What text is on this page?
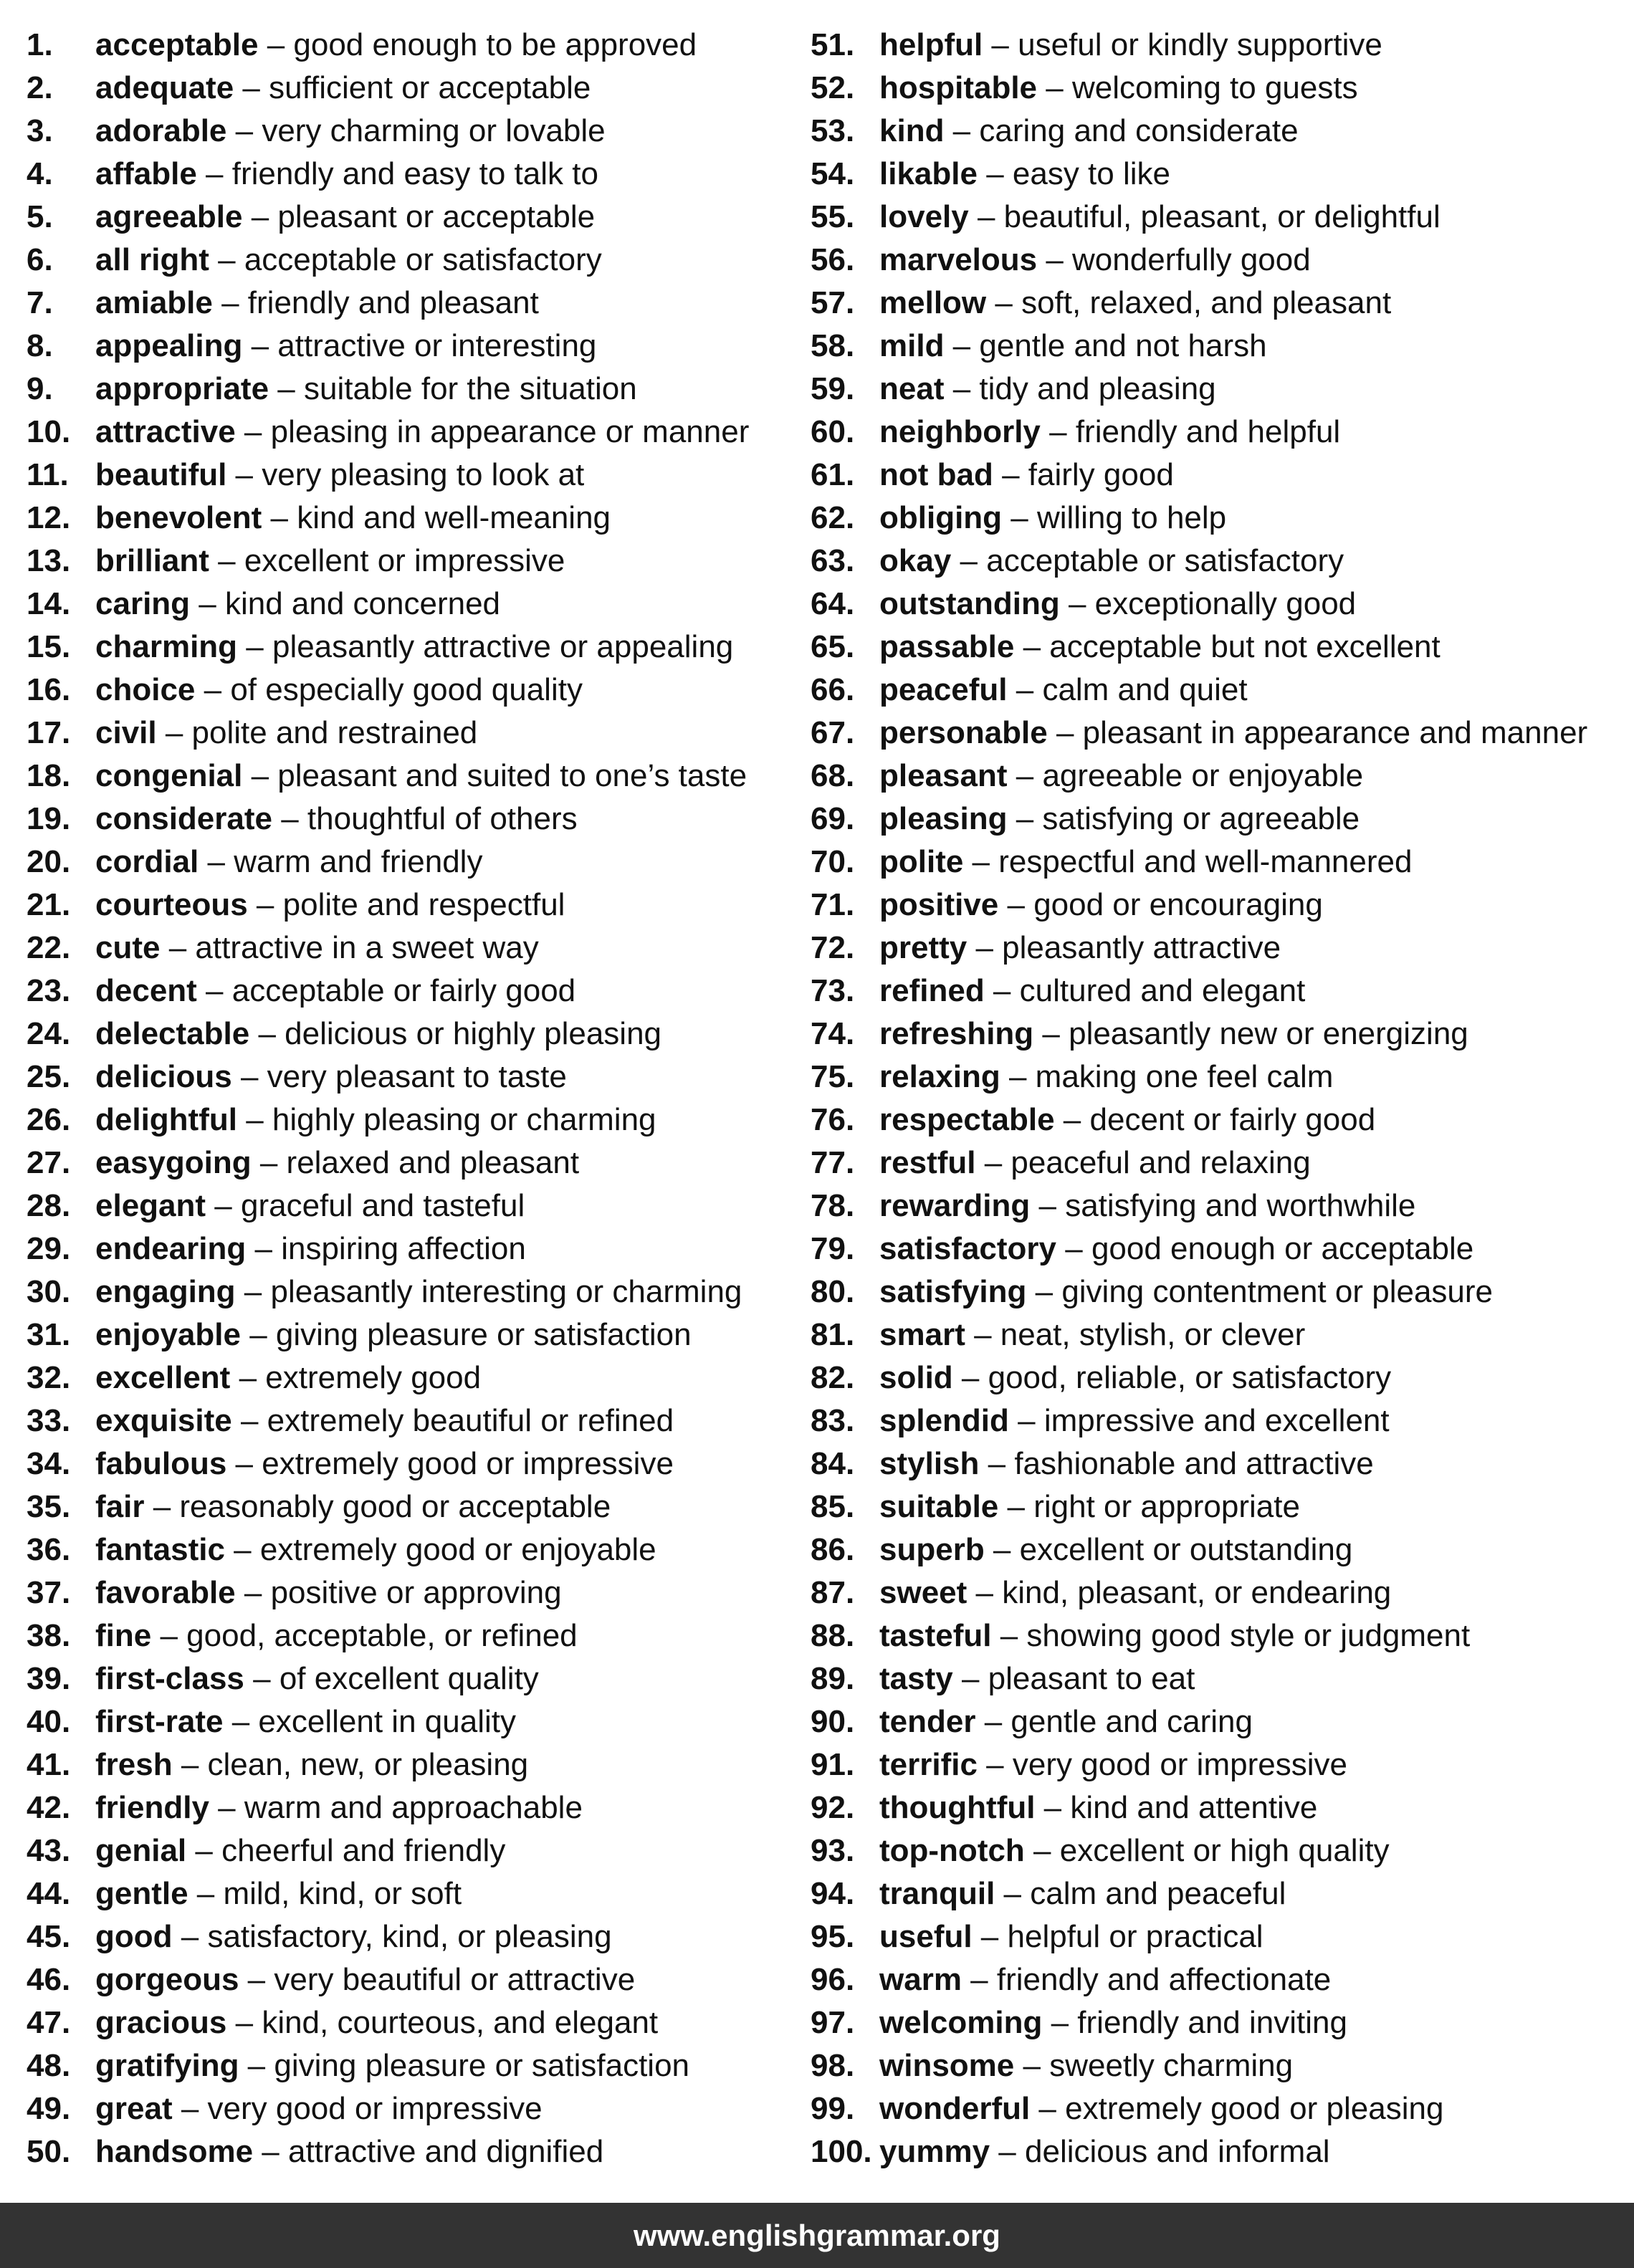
1. acceptable – good enough to be approved
2. adequate – sufficient or acceptable
3. adorable – very charming or lovable
4. affable – friendly and easy to talk to
5. agreeable – pleasant or acceptable
6. all right – acceptable or satisfactory
7. amiable – friendly and pleasant
8. appealing – attractive or interesting
9. appropriate – suitable for the situation
10. attractive – pleasing in appearance or manner
11. beautiful – very pleasing to look at
12. benevolent – kind and well-meaning
13. brilliant – excellent or impressive
14. caring – kind and concerned
15. charming – pleasantly attractive or appealing
16. choice – of especially good quality
17. civil – polite and restrained
18. congenial – pleasant and suited to one’s taste
19. considerate – thoughtful of others
20. cordial – warm and friendly
21. courteous – polite and respectful
22. cute – attractive in a sweet way
23. decent – acceptable or fairly good
24. delectable – delicious or highly pleasing
25. delicious – very pleasant to taste
26. delightful – highly pleasing or charming
27. easygoing – relaxed and pleasant
28. elegant – graceful and tasteful
29. endearing – inspiring affection
30. engaging – pleasantly interesting or charming
31. enjoyable – giving pleasure or satisfaction
32. excellent – extremely good
33. exquisite – extremely beautiful or refined
34. fabulous – extremely good or impressive
35. fair – reasonably good or acceptable
36. fantastic – extremely good or enjoyable
37. favorable – positive or approving
38. fine – good, acceptable, or refined
39. first-class – of excellent quality
40. first-rate – excellent in quality
41. fresh – clean, new, or pleasing
42. friendly – warm and approachable
43. genial – cheerful and friendly
44. gentle – mild, kind, or soft
45. good – satisfactory, kind, or pleasing
46. gorgeous – very beautiful or attractive
47. gracious – kind, courteous, and elegant
48. gratifying – giving pleasure or satisfaction
49. great – very good or impressive
50. handsome – attractive and dignified
51. helpful – useful or kindly supportive
52. hospitable – welcoming to guests
53. kind – caring and considerate
54. likable – easy to like
55. lovely – beautiful, pleasant, or delightful
56. marvelous – wonderfully good
57. mellow – soft, relaxed, and pleasant
58. mild – gentle and not harsh
59. neat – tidy and pleasing
60. neighborly – friendly and helpful
61. not bad – fairly good
62. obliging – willing to help
63. okay – acceptable or satisfactory
64. outstanding – exceptionally good
65. passable – acceptable but not excellent
66. peaceful – calm and quiet
67. personable – pleasant in appearance and manner
68. pleasant – agreeable or enjoyable
69. pleasing – satisfying or agreeable
70. polite – respectful and well-mannered
71. positive – good or encouraging
72. pretty – pleasantly attractive
73. refined – cultured and elegant
74. refreshing – pleasantly new or energizing
75. relaxing – making one feel calm
76. respectable – decent or fairly good
77. restful – peaceful and relaxing
78. rewarding – satisfying and worthwhile
79. satisfactory – good enough or acceptable
80. satisfying – giving contentment or pleasure
81. smart – neat, stylish, or clever
82. solid – good, reliable, or satisfactory
83. splendid – impressive and excellent
84. stylish – fashionable and attractive
85. suitable – right or appropriate
86. superb – excellent or outstanding
87. sweet – kind, pleasant, or endearing
88. tasteful – showing good style or judgment
89. tasty – pleasant to eat
90. tender – gentle and caring
91. terrific – very good or impressive
92. thoughtful – kind and attentive
93. top-notch – excellent or high quality
94. tranquil – calm and peaceful
95. useful – helpful or practical
96. warm – friendly and affectionate
97. welcoming – friendly and inviting
98. winsome – sweetly charming
99. wonderful – extremely good or pleasing
100. yummy – delicious and informal
www.englishgrammar.org
